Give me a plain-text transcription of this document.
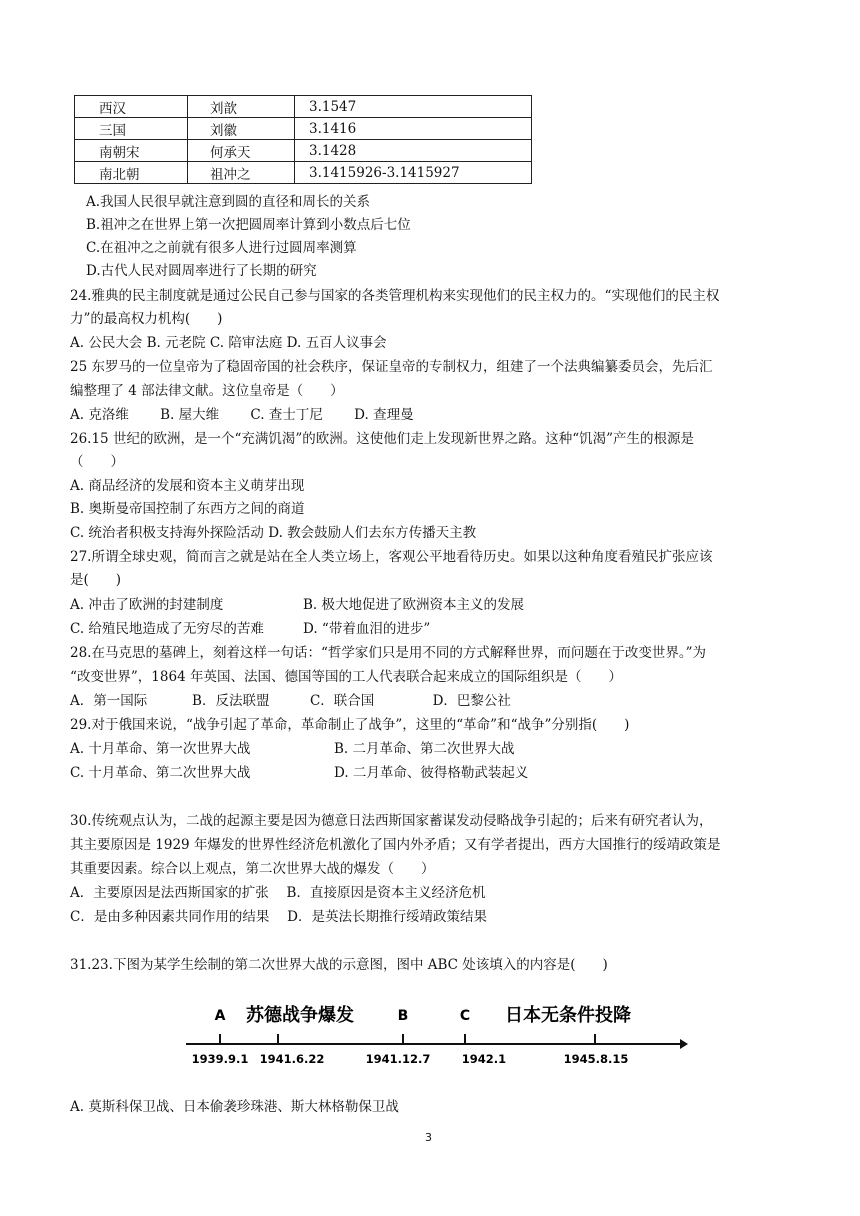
西汉	刘歆	3.1547
三国	刘徽	3.1416
南朝宋	何承天	3.1428
南北朝	祖冲之	3.1415926-3.1415927
A.我国人民很早就注意到圆的直径和周长的关系
B.祖冲之在世界上第一次把圆周率计算到小数点后七位
C.在祖冲之之前就有很多人进行过圆周率测算
D.古代人民对圆周率进行了长期的研究
24.雅典的民主制度就是通过公民自己参与国家的各类管理机构来实现他们的民主权力的。“实现他们的民主权
力”的最高权力机构(　　)
A. 公民大会 B. 元老院 C. 陪审法庭 D. 五百人议事会
25 东罗马的一位皇帝为了稳固帝国的社会秩序，保证皇帝的专制权力，组建了一个法典编纂委员会，先后汇
编整理了 4 部法律文献。这位皇帝是（　　）
A. 克洛维　　 B. 屋大维　　 C. 查士丁尼　　 D. 查理曼
26.15 世纪的欧洲，是一个“充满饥渴”的欧洲。这使他们走上发现新世界之路。这种“饥渴”产生的根源是
（　　）
A. 商品经济的发展和资本主义萌芽出现
B. 奥斯曼帝国控制了东西方之间的商道
C. 统治者积极支持海外探险活动 D. 教会鼓励人们去东方传播天主教
27.所谓全球史观，简而言之就是站在全人类立场上，客观公平地看待历史。如果以这种角度看殖民扩张应该
是(　　)
A. 冲击了欧洲的封建制度	B. 极大地促进了欧洲资本主义的发展
C. 给殖民地造成了无穷尽的苦难	D. “带着血泪的进步”
28.在马克思的墓碑上，刻着这样一句话：“哲学家们只是用不同的方式解释世界，而问题在于改变世界。”为
“改变世界”，1864 年英国、法国、德国等国的工人代表联合起来成立的国际组织是（　　）
A．第一国际　　　 B．反法联盟　　　C．联合国　　　　 D．巴黎公社
29.对于俄国来说，“战争引起了革命，革命制止了战争”，这里的“革命”和“战争”分别指(　　)
A. 十月革命、第一次世界大战	B. 二月革命、第二次世界大战
C. 十月革命、第二次世界大战	D. 二月革命、彼得格勒武装起义
30.传统观点认为，二战的起源主要是因为德意日法西斯国家蓄谋发动侵略战争引起的；后来有研究者认为，
其主要原因是 1929 年爆发的世界性经济危机激化了国内外矛盾；又有学者提出，西方大国推行的绥靖政策是
其重要因素。综合以上观点，第二次世界大战的爆发（　　）
A．主要原因是法西斯国家的扩张　 B．直接原因是资本主义经济危机
C．是由多种因素共同作用的结果　 D．是英法长期推行绥靖政策结果
31.23.下图为某学生绘制的第二次世界大战的示意图，图中 ABC 处该填入的内容是(　　)
A 苏德战争爆发	B	C 日本无条件投降
1939.9.1 1941.6.22	1941.12.7	1942.1	1945.8.15
A. 莫斯科保卫战、日本偷袭珍珠港、斯大林格勒保卫战
3
